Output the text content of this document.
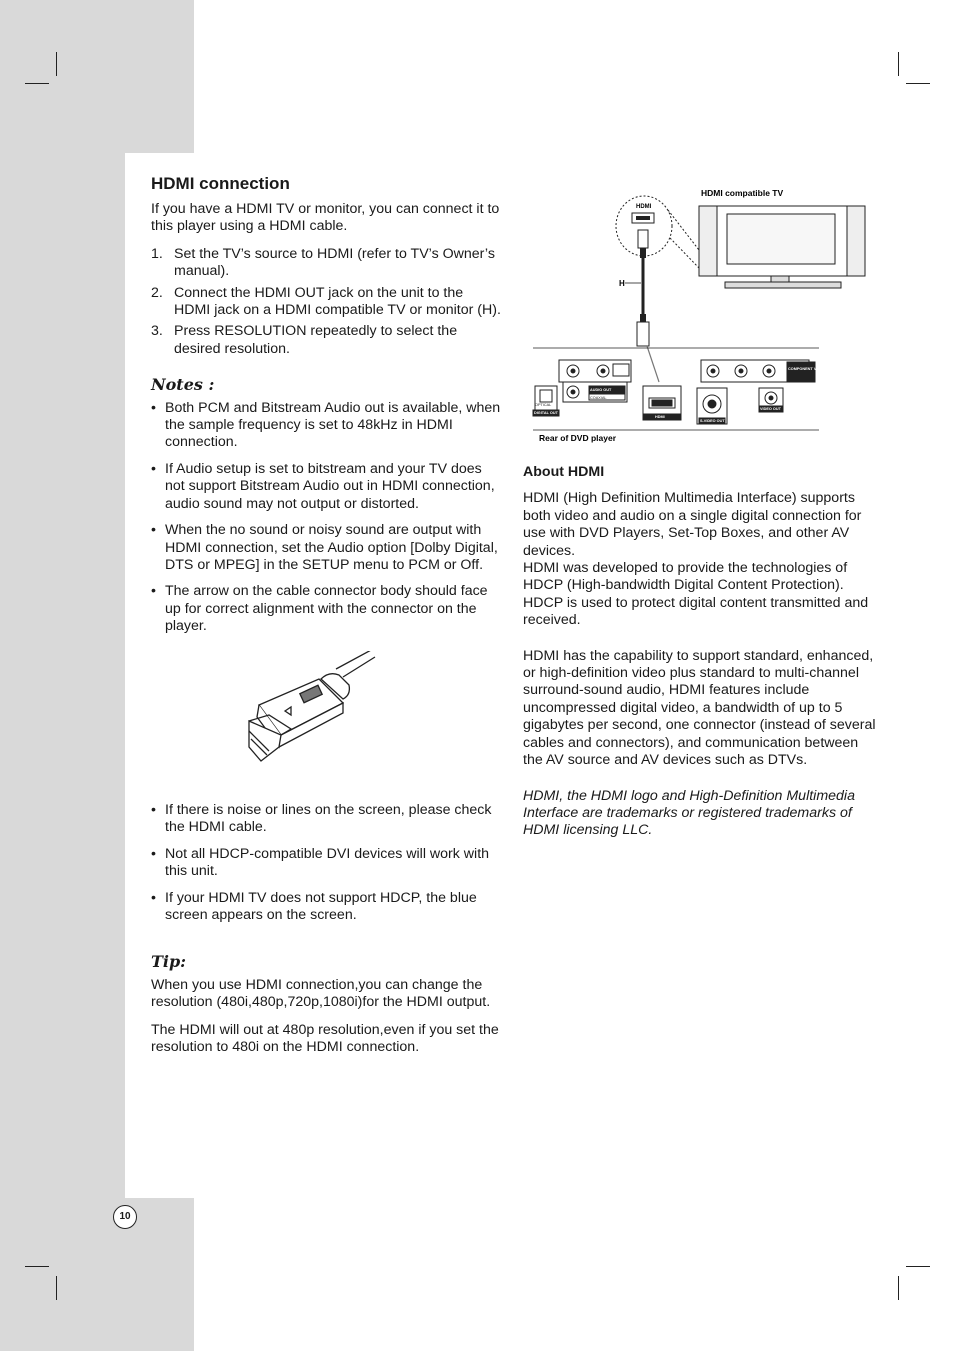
HDMI connection

If you have a HDMI TV or monitor, you can connect it to this player using a HDMI cable.

1. Set the TV’s source to HDMI (refer to TV’s Owner’s manual).
2. Connect the HDMI OUT jack on the unit to the HDMI jack on a HDMI compatible TV or monitor (H).
3. Press RESOLUTION repeatedly to select the desired resolution.
Notes :
• Both PCM and Bitstream Audio out is available, when the sample frequency is set to 48kHz in HDMI connection.
• If Audio setup is set to bitstream and your TV does not support Bitstream Audio out in HDMI connection, audio sound may not output or distorted.
• When the no sound or noisy sound are output with HDMI connection, set the Audio option [Dolby Digital, DTS or MPEG] in the SETUP menu to PCM or Off.
• The arrow on the cable connector body should face up for correct alignment with the connector on the player.
• If there is noise or lines on the screen, please check the HDMI cable.
• Not all HDCP-compatible DVI devices will work with this unit.
• If your HDMI TV does not support HDCP, the blue screen appears on the screen.
Tip:

When you use HDMI connection,you can change the resolution (480i,480p,720p,1080i)for the HDMI output.

The HDMI will out at 480p resolution,even if you set the resolution to 480i on the HDMI connection.

HDMI compatible TV
HDMI
H
DIGITAL OUT
AUDIO OUT
HDMI
S-VIDEO OUT
VIDEO OUT
COMPONENT VIDEO OUT
OPTICAL
COAXIAL
Rear of DVD player
About HDMI

HDMI (High Definition Multimedia Interface) supports both video and audio on a single digital connection for use with DVD Players, Set-Top Boxes, and other AV devices.

HDMI was developed to provide the technologies of HDCP (High-bandwidth Digital Content Protection). HDCP is used to protect digital content transmitted and received.

HDMI has the capability to support standard, enhanced, or high-definition video plus standard to multi-channel surround-sound audio, HDMI features include uncompressed digital video, a bandwidth of up to 5 gigabytes per second, one connector (instead of several cables and connectors), and communication between the AV source and AV devices such as DTVs.

HDMI, the HDMI logo and High-Definition Multimedia Interface are trademarks or registered trademarks of HDMI licensing LLC.

10
